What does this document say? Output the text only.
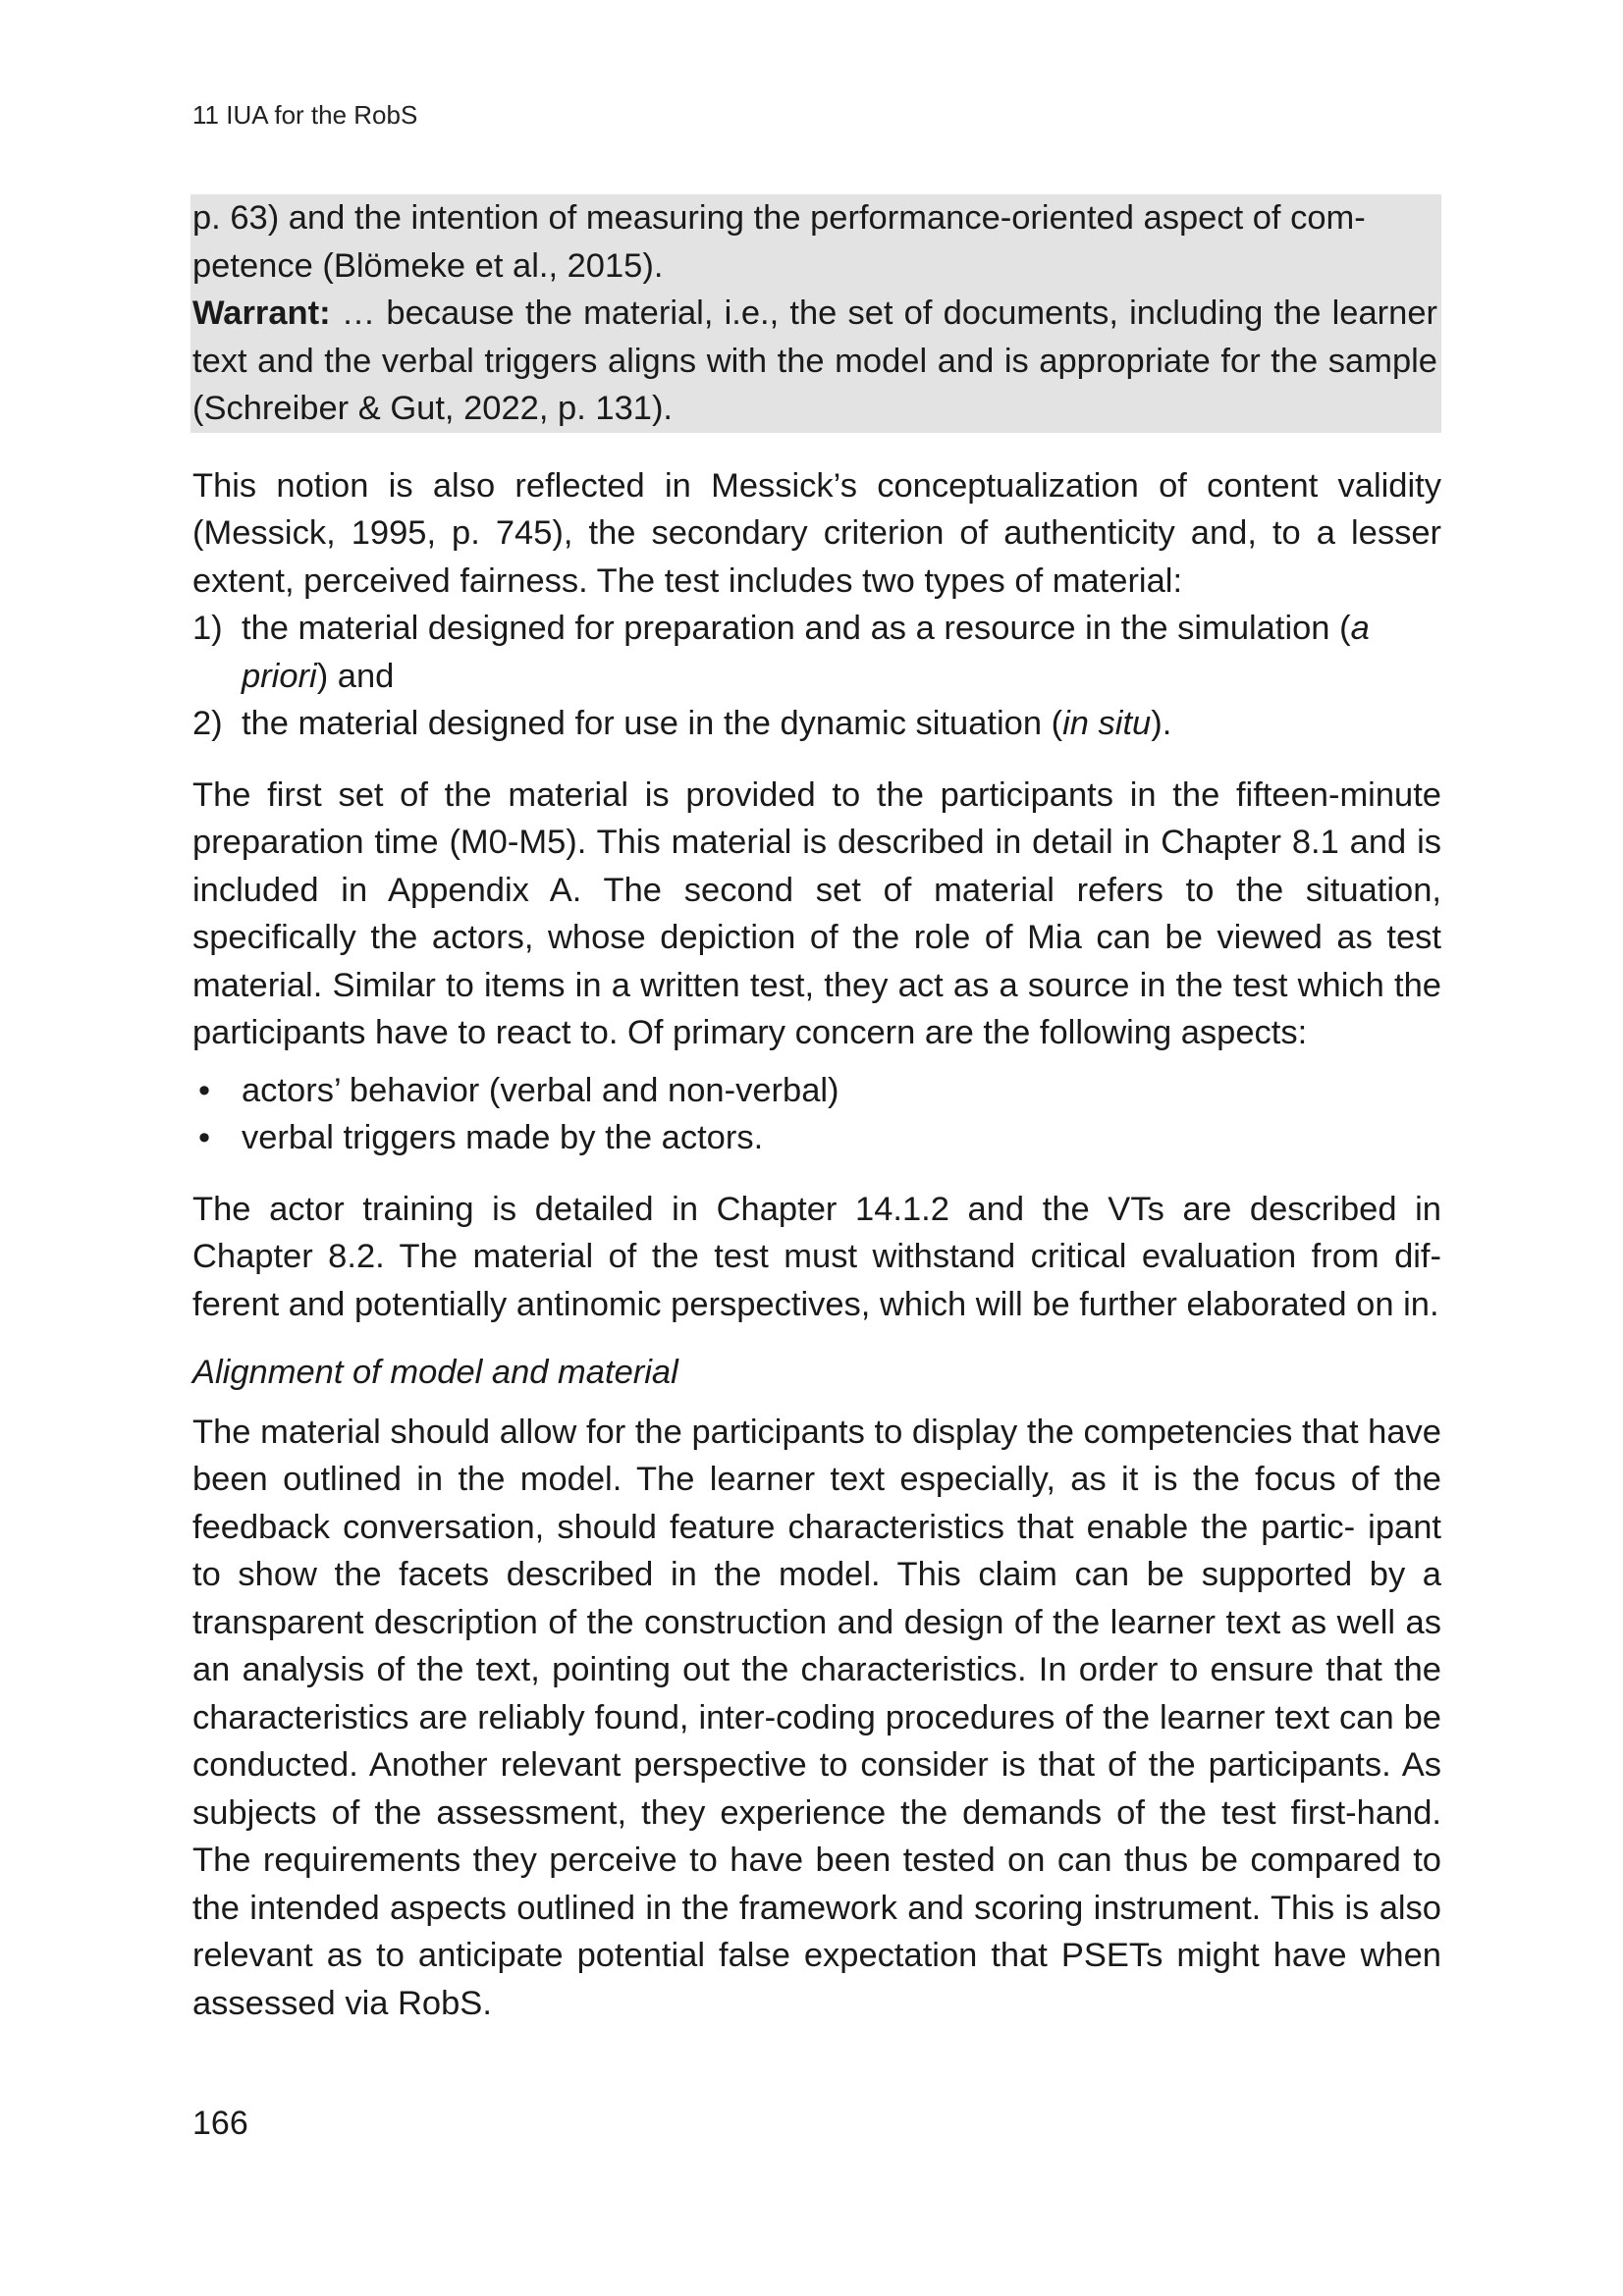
11 IUA for the RobS

p. 63) and the intention of measuring the performance-oriented aspect of com-

petence (Blömeke et al., 2015).

Warrant: … because the material, i.e., the set of documents, including the learner text and the verbal triggers aligns with the model and is appropriate for the sample (Schreiber & Gut, 2022, p. 131).

This notion is also reflected in Messick’s conceptualization of content validity (Messick, 1995, p. 745), the secondary criterion of authenticity and, to a lesser extent, perceived fairness. The test includes two types of material:

1) the material designed for preparation and as a resource in the simulation (a priori) and
2) the material designed for use in the dynamic situation (in situ).

The first set of the material is provided to the participants in the fifteen-minute preparation time (M0-M5). This material is described in detail in Chapter 8.1 and is included in Appendix A. The second set of material refers to the situation, specifically the actors, whose depiction of the role of Mia can be viewed as test material. Similar to items in a written test, they act as a source in the test which the participants have to react to. Of primary concern are the following aspects:

• actors’ behavior (verbal and non-verbal)
• verbal triggers made by the actors.

The actor training is detailed in Chapter 14.1.2 and the VTs are described in Chapter 8.2. The material of the test must withstand critical evaluation from dif- ferent and potentially antinomic perspectives, which will be further elaborated on in.

Alignment of model and material

The material should allow for the participants to display the competencies that have been outlined in the model. The learner text especially, as it is the focus of the feedback conversation, should feature characteristics that enable the partic- ipant to show the facets described in the model. This claim can be supported by a transparent description of the construction and design of the learner text as well as an analysis of the text, pointing out the characteristics. In order to ensure that the characteristics are reliably found, inter-coding procedures of the learner text can be conducted. Another relevant perspective to consider is that of the participants. As subjects of the assessment, they experience the demands of the test first-hand. The requirements they perceive to have been tested on can thus be compared to the intended aspects outlined in the framework and scoring instrument. This is also relevant as to anticipate potential false expectation that PSETs might have when assessed via RobS.

166
